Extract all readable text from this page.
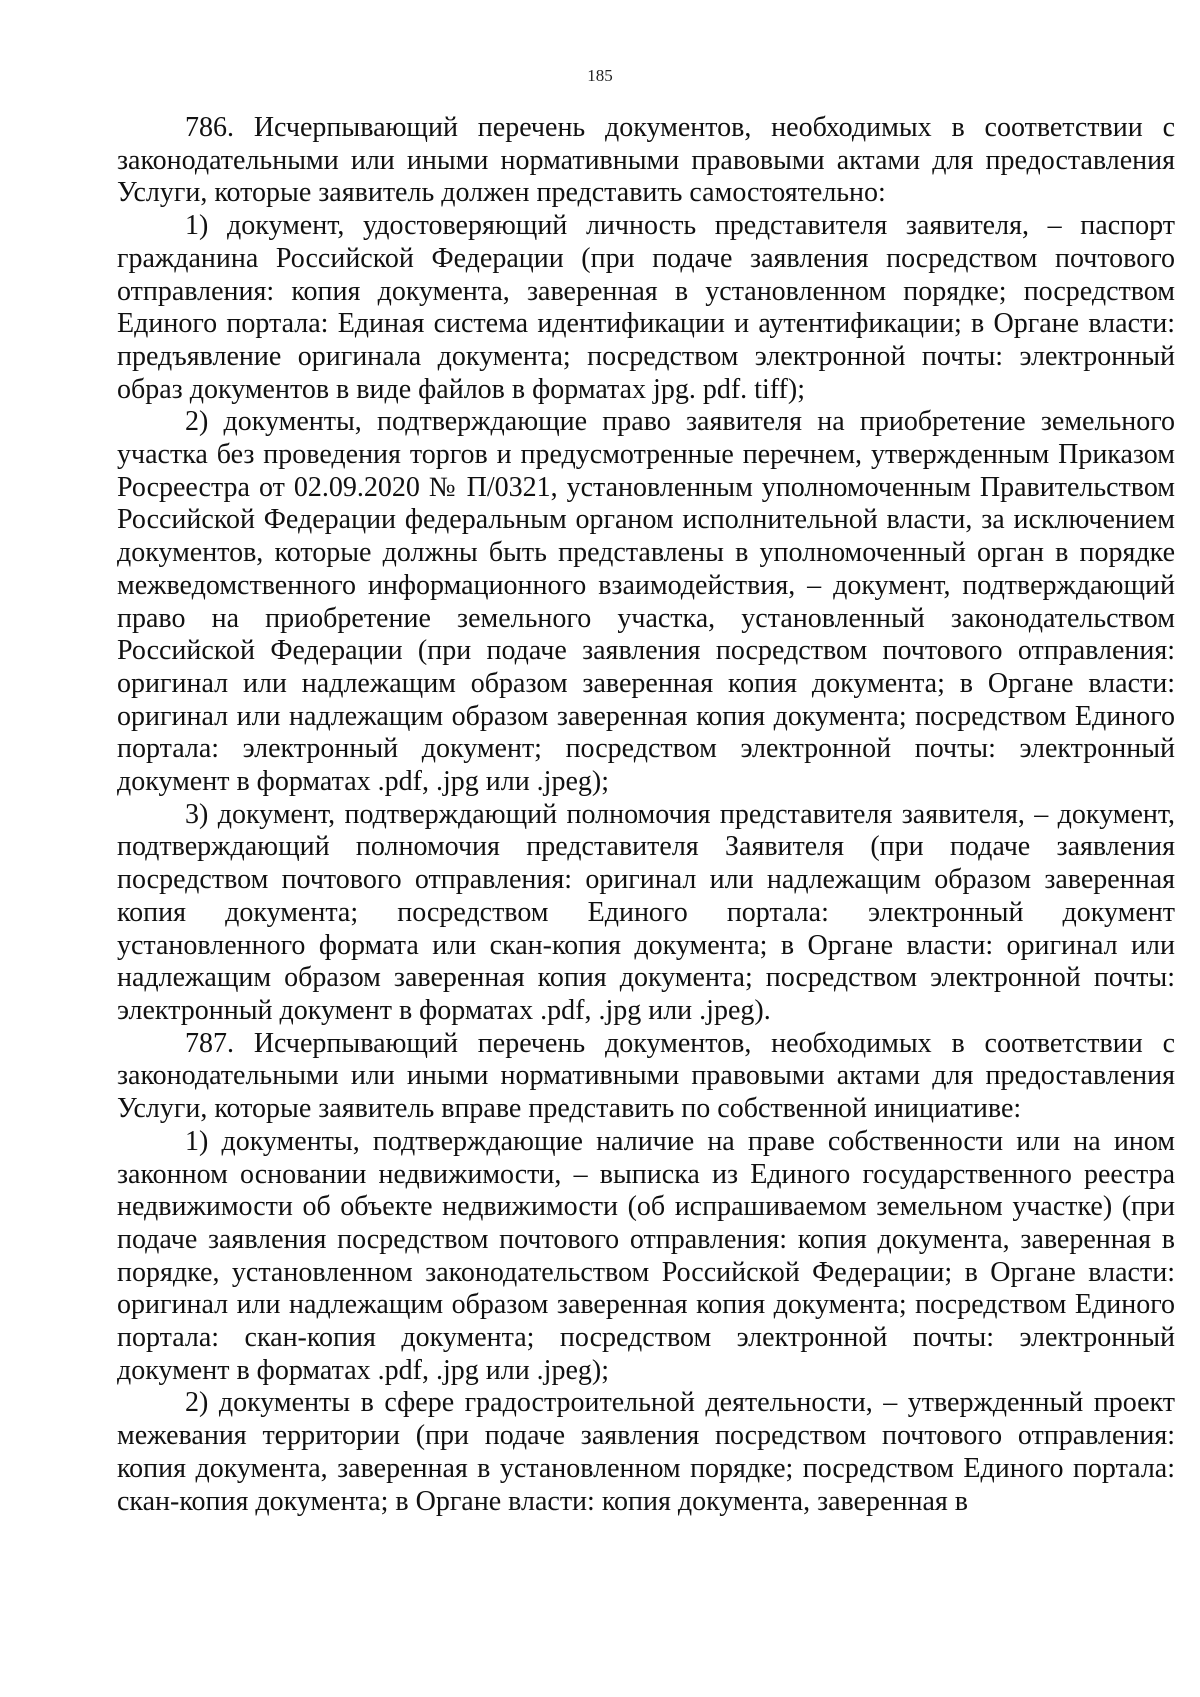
185

786. Исчерпывающий перечень документов, необходимых в соответствии с законодательными или иными нормативными правовыми актами для предоставления Услуги, которые заявитель должен представить самостоятельно:

1) документ, удостоверяющий личность представителя заявителя, – паспорт гражданина Российской Федерации (при подаче заявления посредством почтового отправления: копия документа, заверенная в установленном порядке; посредством Единого портала: Единая система идентификации и аутентификации; в Органе власти: предъявление оригинала документа; посредством электронной почты: электронный образ документов в виде файлов в форматах jpg. pdf. tiff);

2) документы, подтверждающие право заявителя на приобретение земельного участка без проведения торгов и предусмотренные перечнем, утвержденным Приказом Росреестра от 02.09.2020 № П/0321, установленным уполномоченным Правительством Российской Федерации федеральным органом исполнительной власти, за исключением документов, которые должны быть представлены в уполномоченный орган в порядке межведомственного информационного взаимодействия, – документ, подтверждающий право на приобретение земельного участка, установленный законодательством Российской Федерации (при подаче заявления посредством почтового отправления: оригинал или надлежащим образом заверенная копия документа; в Органе власти: оригинал или надлежащим образом заверенная копия документа; посредством Единого портала: электронный документ; посредством электронной почты: электронный документ в форматах .pdf, .jpg или .jpeg);

3) документ, подтверждающий полномочия представителя заявителя, – документ, подтверждающий полномочия представителя Заявителя (при подаче заявления посредством почтового отправления: оригинал или надлежащим образом заверенная копия документа; посредством Единого портала: электронный документ установленного формата или скан-копия документа; в Органе власти: оригинал или надлежащим образом заверенная копия документа; посредством электронной почты: электронный документ в форматах .pdf, .jpg или .jpeg).

787. Исчерпывающий перечень документов, необходимых в соответствии с законодательными или иными нормативными правовыми актами для предоставления Услуги, которые заявитель вправе представить по собственной инициативе:

1) документы, подтверждающие наличие на праве собственности или на ином законном основании недвижимости, – выписка из Единого государственного реестра недвижимости об объекте недвижимости (об испрашиваемом земельном участке) (при подаче заявления посредством почтового отправления: копия документа, заверенная в порядке, установленном законодательством Российской Федерации; в Органе власти: оригинал или надлежащим образом заверенная копия документа; посредством Единого портала: скан-копия документа; посредством электронной почты: электронный документ в форматах .pdf, .jpg или .jpeg);

2) документы в сфере градостроительной деятельности, – утвержденный проект межевания территории (при подаче заявления посредством почтового отправления: копия документа, заверенная в установленном порядке; посредством Единого портала: скан-копия документа; в Органе власти: копия документа, заверенная в
